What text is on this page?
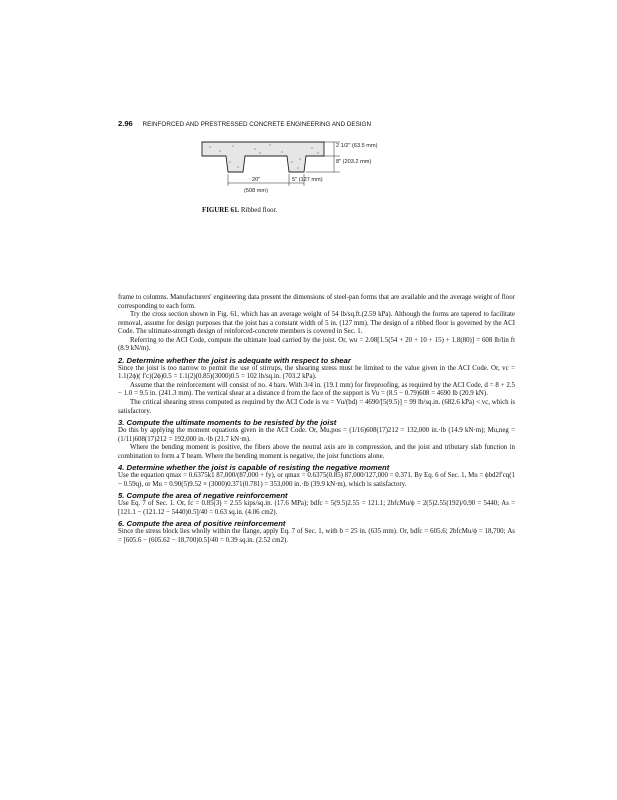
2.96 REINFORCED AND PRESTRESSED CONCRETE ENGINEERING AND DESIGN
2 1/2" (63.5 mm)
8" (203.2 mm)
20"
(508 mm)
5" (127 mm)
FIGURE 61. Ribbed floor.

frame to columns. Manufacturers' engineering data present the dimensions of steel-pan forms that are available and the average weight of floor corresponding to each form.

Try the cross section shown in Fig. 61, which has an average weight of 54 lb/sq.ft.(2.59 kPa). Although the forms are tapered to facilitate removal, assume for design purposes that the joist has a constant width of 5 in. (127 mm). The design of a ribbed floor is governed by the ACI Code. The ultimate-strength design of reinforced-concrete members is covered in Sec. 1.

Referring to the ACI Code, compute the ultimate load carried by the joist. Or, wu = 2.08[1.5(54 + 20 + 10 + 15) + 1.8(80)] = 608 lb/lin ft (8.9 kN/m).

2. Determine whether the joist is adequate with respect to shear

Since the joist is too narrow to permit the use of stirrups, the shearing stress must be limited to the value given in the ACI Code. Or, vc = 1.1(2ϕ)( f′c)(2ϕ)0.5 = 1.1(2)(0.85)(3000)0.5 = 102 lb/sq.in. (703.2 kPa).

Assume that the reinforcement will consist of no. 4 bars. With 3/4 in. (19.1 mm) for fireproofing, as required by the ACI Code, d = 8 + 2.5 − 1.0 = 9.5 in. (241.3 mm). The vertical shear at a distance d from the face of the support is Vu = (8.5 − 0.79)608 = 4690 lb (20.9 kN).

The critical shearing stress computed as required by the ACI Code is vu = Vu/(bd) = 4690/[5(9.5)] = 99 lb/sq.in. (682.6 kPa) < vc, which is satisfactory.

3. Compute the ultimate moments to be resisted by the joist

Do this by applying the moment equations given in the ACI Code. Or, Mu,pos = (1/16)608(17)212 = 132,000 in.·lb (14.9 kN·m); Mu,neg = (1/11)608(17)212 = 192,000 in.·lb (21.7 kN·m).

Where the bending moment is positive, the fibers above the neutral axis are in compression, and the joist and tributary slab function in combination to form a T beam. Where the bending moment is negative, the joist functions alone.

4. Determine whether the joist is capable of resisting the negative moment

Use the equation qmax = 0.6375k1 87,000/(87,000 + fy), or qmax = 0.6375(0.85) 87,000/127,000 = 0.371. By Eq. 6 of Sec. 1, Mu = ϕbd2f′cq(1 − 0.59q), or Mu = 0.90(5)9.52 × (3000)0.371(0.781) = 353,000 in.·lb (39.9 kN·m), which is satisfactory.

5. Compute the area of negative reinforcement

Use Eq. 7 of Sec. 1. Or, fc = 0.85(3) = 2.55 kips/sq.in. (17.6 MPa); bdfc = 5(9.5)2.55 = 121.1; 2bfcMu/ϕ = 2(5)2.55(192)/0.90 = 5440; As = [121.1 − (121.12 − 5440)0.5]/40 = 0.63 sq.in. (4.06 cm2).

6. Compute the area of positive reinforcement

Since the stress block lies wholly within the flange, apply Eq. 7 of Sec. 1, with b = 25 in. (635 mm). Or, bdfc = 605.6; 2bfcMu/ϕ = 18,700; As = [605.6 − (605.62 − 18,700)0.5]/40 = 0.39 sq.in. (2.52 cm2).
